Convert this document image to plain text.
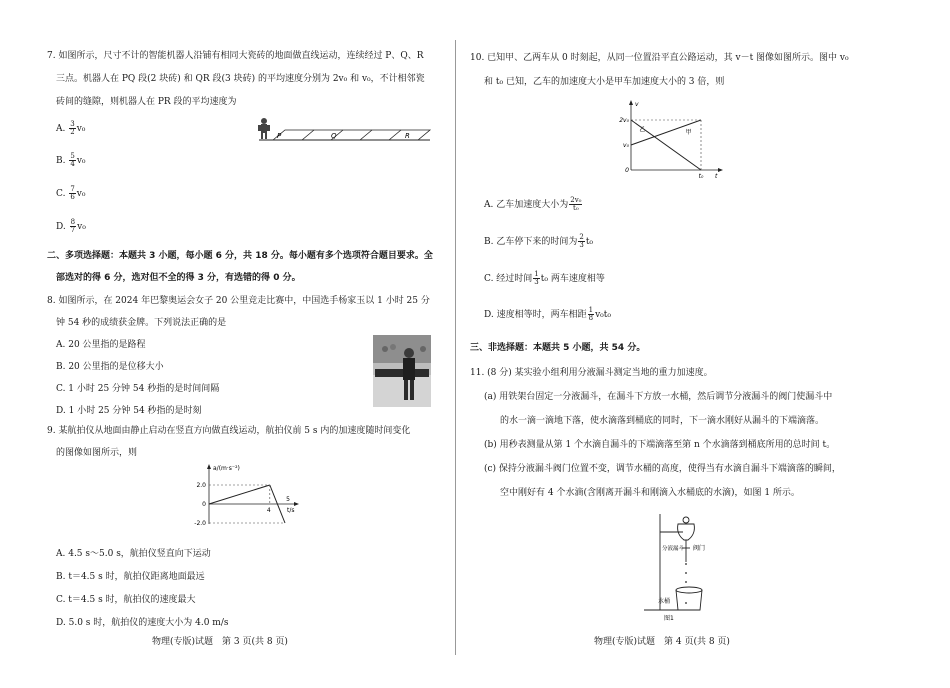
7. 如图所示，尺寸不计的智能机器人沿铺有相同大瓷砖的地面做直线运动，连续经过 P、Q、R
三点。机器人在 PQ 段(2 块砖) 和 QR 段(3 块砖) 的平均速度分别为 2v₀ 和 v₀，不计相邻瓷
砖间的缝隙，则机器人在 PR 段的平均速度为
P	Q	R
A. $\frac{3}{2} v_0$
B. $\frac{5}{4} v_0$
C. $\frac{7}{6} v_0$
D. $\frac{8}{7} v_0$
二、多项选择题：本题共 3 小题，每小题 6 分，共 18 分。每小题有多个选项符合题目要求。全
部选对的得 6 分，选对但不全的得 3 分，有选错的得 0 分。
8. 如图所示，在 2024 年巴黎奥运会女子 20 公里竞走比赛中，中国选手杨家玉以 1 小时 25 分
钟 54 秒的成绩获金牌。下列说法正确的是
A. 20 公里指的是路程
B. 20 公里指的是位移大小
C. 1 小时 25 分钟 54 秒指的是时间间隔
D. 1 小时 25 分钟 54 秒指的是时刻
9. 某航拍仪从地面由静止启动在竖直方向做直线运动，航拍仪前 5 s 内的加速度随时间变化
的图像如图所示，则
a/(m·s⁻²)
t/s
2.0
0
-2.0
4
5
A. 4.5 s～5.0 s，航拍仪竖直向下运动
B. t＝4.5 s 时，航拍仪距离地面最远
C. t＝4.5 s 时，航拍仪的速度最大
D. 5.0 s 时，航拍仪的速度大小为 4.0 m/s
10. 已知甲、乙两车从 0 时刻起，从同一位置沿平直公路运动，其 v－t 图像如图所示。图中 v₀
和 t₀ 已知，乙车的加速度大小是甲车加速度大小的 3 倍，则
v
t
乙	甲
2v₀
v₀
0
t₀
A. 乙车加速度大小为 $\frac{\text{2v₀}}{\text{t₀}}$
B. 乙车停下来的时间为 $\frac{2}{3} t_0$
C. 经过时间 $\frac{1}{3} t_0$ 两车速度相等
D. 速度相等时，两车相距 $\frac{1}{8} v_0t_0$
三、非选择题：本题共 5 小题，共 54 分。
11. (8 分) 某实验小组利用分液漏斗测定当地的重力加速度。
(a) 用铁架台固定一分液漏斗，在漏斗下方放一水桶，然后调节分液漏斗的阀门使漏斗中
的水一滴一滴地下落，使水滴落到桶底的同时，下一滴水刚好从漏斗的下端滴落。
(b) 用秒表测量从第 1 个水滴自漏斗的下端滴落至第 n 个水滴落到桶底所用的总时间 t。
(c) 保持分液漏斗阀门位置不变，调节水桶的高度，使得当有水滴自漏斗下端滴落的瞬间，
空中刚好有 4 个水滴(含刚离开漏斗和刚滴入水桶底的水滴)，如图 1 所示。
阀门
分液漏斗
水桶
图1
物理(专版)试题　第 3 页(共 8 页)	物理(专版)试题　第 4 页(共 8 页)
